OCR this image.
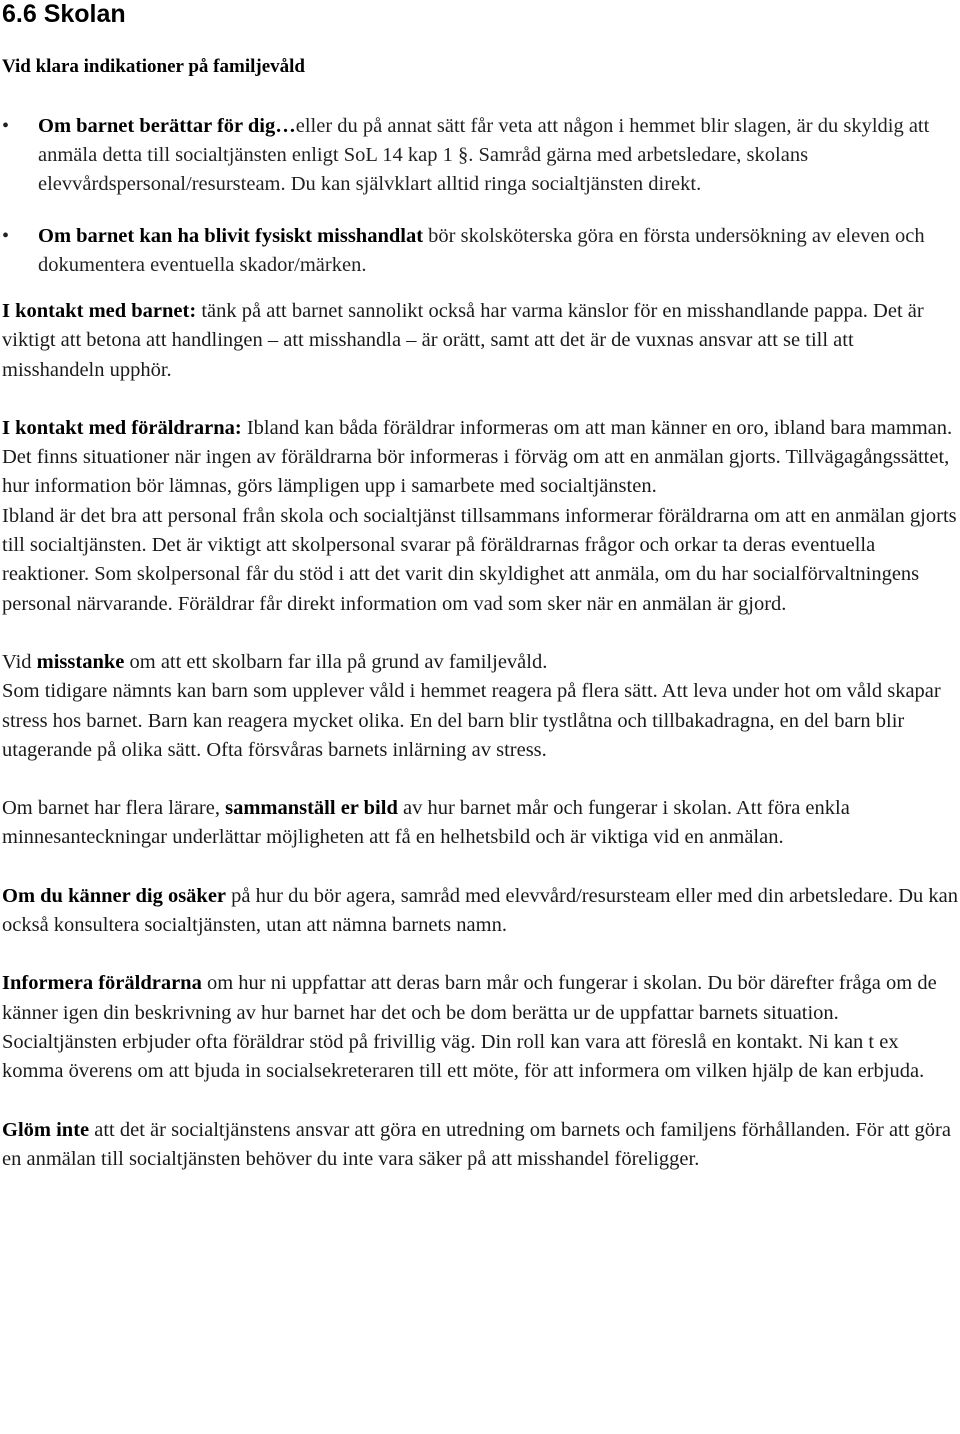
6.6 Skolan
Vid klara indikationer på familjevåld
• Om barnet berättar för dig…eller du på annat sätt får veta att någon i hemmet blir slagen, är du skyldig att anmäla detta till socialtjänsten enligt SoL 14 kap 1 §. Samråd gärna med arbetsledare, skolans elevvårdspersonal/resursteam. Du kan självklart alltid ringa socialtjänsten direkt.
• Om barnet kan ha blivit fysiskt misshandlat bör skolsköterska göra en första undersökning av eleven och dokumentera eventuella skador/märken.

I kontakt med barnet: tänk på att barnet sannolikt också har varma känslor för en misshandlande pappa. Det är viktigt att betona att handlingen – att misshandla – är orätt, samt att det är de vuxnas ansvar att se till att misshandeln upphör.

I kontakt med föräldrarna: Ibland kan båda föräldrar informeras om att man känner en oro, ibland bara mamman. Det finns situationer när ingen av föräldrarna bör informeras i förväg om att en anmälan gjorts. Tillvägagångssättet, hur information bör lämnas, görs lämpligen upp i samarbete med socialtjänsten.

Ibland är det bra att personal från skola och socialtjänst tillsammans informerar föräldrarna om att en anmälan gjorts till socialtjänsten. Det är viktigt att skolpersonal svarar på föräldrarnas frågor och orkar ta deras eventuella reaktioner. Som skolpersonal får du stöd i att det varit din skyldighet att anmäla, om du har socialförvaltningens personal närvarande. Föräldrar får direkt information om vad som sker när en anmälan är gjord.

Vid misstanke om att ett skolbarn far illa på grund av familjevåld.

Som tidigare nämnts kan barn som upplever våld i hemmet reagera på flera sätt. Att leva under hot om våld skapar stress hos barnet. Barn kan reagera mycket olika. En del barn blir tystlåtna och tillbakadragna, en del barn blir utagerande på olika sätt. Ofta försvåras barnets inlärning av stress.

Om barnet har flera lärare, sammanställ er bild av hur barnet mår och fungerar i skolan. Att föra enkla minnesanteckningar underlättar möjligheten att få en helhetsbild och är viktiga vid en anmälan.

Om du känner dig osäker på hur du bör agera, samråd med elevvård/resursteam eller med din arbetsledare. Du kan också konsultera socialtjänsten, utan att nämna barnets namn.

Informera föräldrarna om hur ni uppfattar att deras barn mår och fungerar i skolan. Du bör därefter fråga om de känner igen din beskrivning av hur barnet har det och be dom berätta ur de uppfattar barnets situation.

Socialtjänsten erbjuder ofta föräldrar stöd på frivillig väg. Din roll kan vara att föreslå en kontakt. Ni kan t ex komma överens om att bjuda in socialsekreteraren till ett möte, för att informera om vilken hjälp de kan erbjuda.

Glöm inte att det är socialtjänstens ansvar att göra en utredning om barnets och familjens förhållanden. För att göra en anmälan till socialtjänsten behöver du inte vara säker på att misshandel föreligger.
